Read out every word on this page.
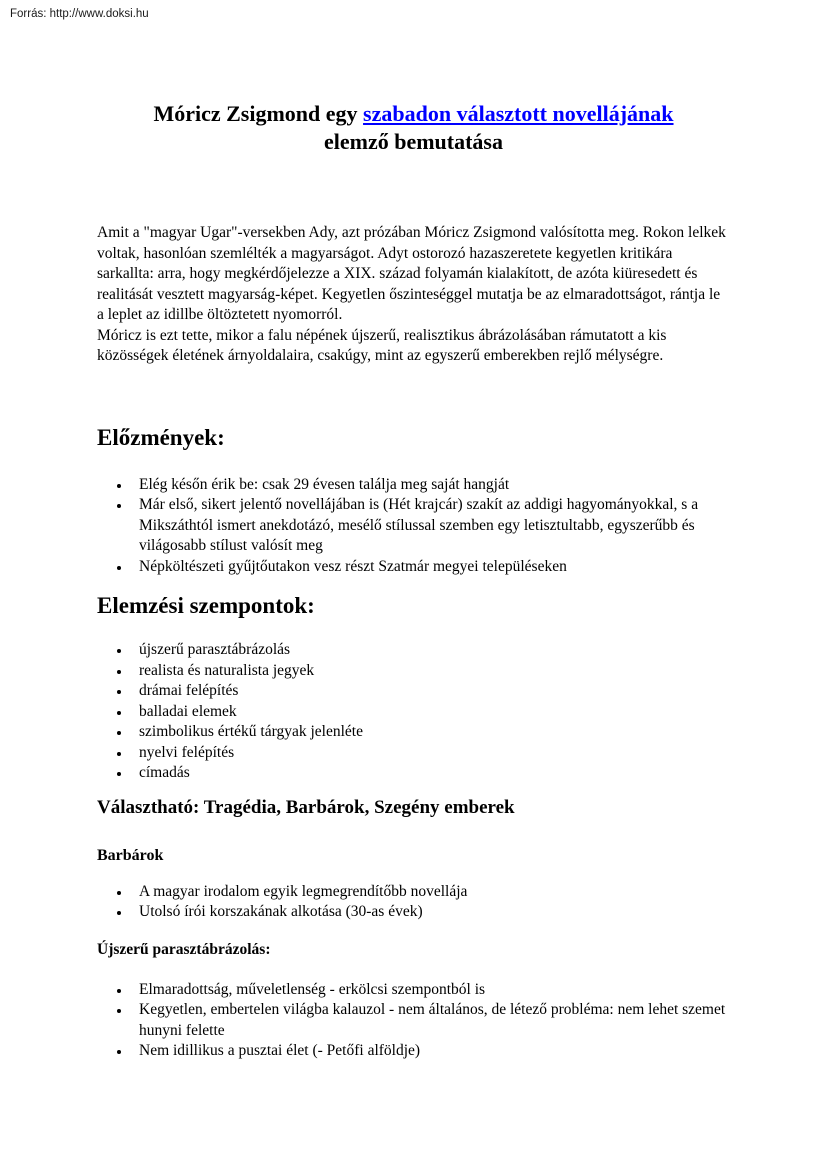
Forrás: http://www.doksi.hu
Móricz Zsigmond egy szabadon választott novellájának
elemző bemutatása

Amit a "magyar Ugar"-versekben Ady, azt prózában Móricz Zsigmond valósította meg. Rokon lelkek voltak, hasonlóan szemlélték a magyarságot. Adyt ostorozó hazaszeretete kegyetlen kritikára sarkallta: arra, hogy megkérdőjelezze a XIX. század folyamán kialakított, de azóta kiüresedett és realitását vesztett magyarság-képet. Kegyetlen őszinteséggel mutatja be az elmaradottságot, rántja le a leplet az idillbe öltöztetett nyomorról.

Móricz is ezt tette, mikor a falu népének újszerű, realisztikus ábrázolásában rámutatott a kis közösségek életének árnyoldalaira, csakúgy, mint az egyszerű emberekben rejlő mélységre.

Előzmények:
• Elég későn érik be: csak 29 évesen találja meg saját hangját
• Már első, sikert jelentő novellájában is (Hét krajcár) szakít az addigi hagyományokkal, s a Mikszáthtól ismert anekdotázó, mesélő stílussal szemben egy letisztultabb, egyszerűbb és világosabb stílust valósít meg
• Népköltészeti gyűjtőutakon vesz részt Szatmár megyei településeken
Elemzési szempontok:
• újszerű parasztábrázolás
• realista és naturalista jegyek
• drámai felépítés
• balladai elemek
• szimbolikus értékű tárgyak jelenléte
• nyelvi felépítés
• címadás
Választható: Tragédia, Barbárok, Szegény emberek
Barbárok
• A magyar irodalom egyik legmegrendítőbb novellája
• Utolsó írói korszakának alkotása (30-as évek)
Újszerű parasztábrázolás:
• Elmaradottság, műveletlenség - erkölcsi szempontból is
• Kegyetlen, embertelen világba kalauzol - nem általános, de létező probléma: nem lehet szemet hunyni felette
• Nem idillikus a pusztai élet (- Petőfi alföldje)
